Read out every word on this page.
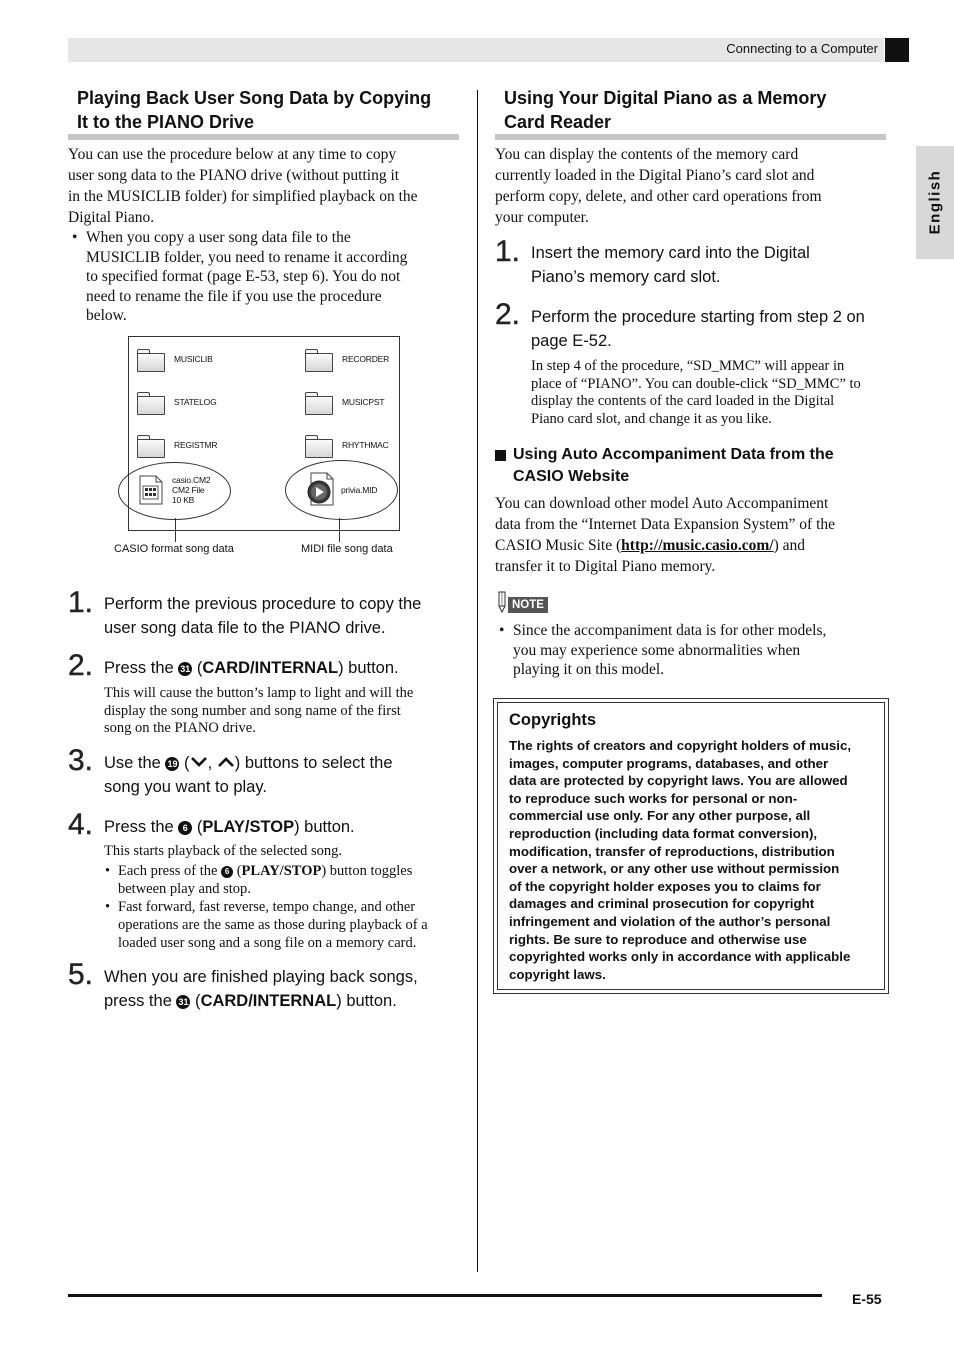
Connecting to a Computer
English
Playing Back User Song Data by Copying
It to the PIANO Drive
You can use the procedure below at any time to copy
user song data to the PIANO drive (without putting it
in the MUSICLIB folder) for simplified playback on the
Digital Piano.
• When you copy a user song data file to the
MUSICLIB folder, you need to rename it according
to specified format (page E-53, step 6). You do not
need to rename the file if you use the procedure
below.
MUSICLIB	RECORDER
STATELOG	MUSICPST
REGISTMR	RHYTHMAC
casio.CM2
CM2 File
10 KB
privia.MID
CASIO format song data	MIDI file song data
1. Perform the previous procedure to copy the
user song data file to the PIANO drive.
2. Press the 31 (CARD/INTERNAL) button.
This will cause the button’s lamp to light and will the
display the song number and song name of the first
song on the PIANO drive.
3. Use the 19 ( , ) buttons to select the
song you want to play.
4. Press the 6 (PLAY/STOP) button.
This starts playback of the selected song.
• Each press of the 6 (PLAY/STOP) button toggles
between play and stop.
• Fast forward, fast reverse, tempo change, and other
operations are the same as those during playback of a
loaded user song and a song file on a memory card.
5. When you are finished playing back songs,
press the 31 (CARD/INTERNAL) button.
Using Your Digital Piano as a Memory
Card Reader
You can display the contents of the memory card
currently loaded in the Digital Piano’s card slot and
perform copy, delete, and other card operations from
your computer.
1. Insert the memory card into the Digital
Piano’s memory card slot.
2. Perform the procedure starting from step 2 on
page E-52.
In step 4 of the procedure, “SD_MMC” will appear in
place of “PIANO”. You can double-click “SD_MMC” to
display the contents of the card loaded in the Digital
Piano card slot, and change it as you like.
Using Auto Accompaniment Data from the
CASIO Website
You can download other model Auto Accompaniment
data from the “Internet Data Expansion System” of the
CASIO Music Site (http://music.casio.com/) and
transfer it to Digital Piano memory.
NOTE
• Since the accompaniment data is for other models,
you may experience some abnormalities when
playing it on this model.
Copyrights
The rights of creators and copyright holders of music,
images, computer programs, databases, and other
data are protected by copyright laws. You are allowed
to reproduce such works for personal or non-
commercial use only. For any other purpose, all
reproduction (including data format conversion),
modification, transfer of reproductions, distribution
over a network, or any other use without permission
of the copyright holder exposes you to claims for
damages and criminal prosecution for copyright
infringement and violation of the author’s personal
rights. Be sure to reproduce and otherwise use
copyrighted works only in accordance with applicable
copyright laws.
E-55
